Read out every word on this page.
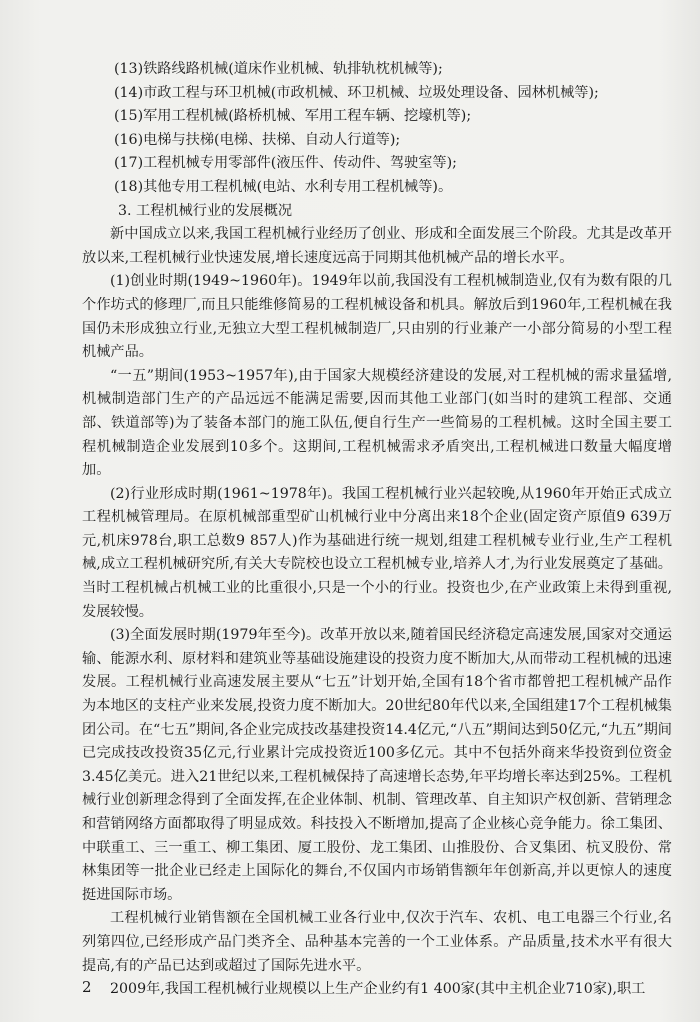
(13)铁路线路机械(道床作业机械、轨排轨枕机械等);
(14)市政工程与环卫机械(市政机械、环卫机械、垃圾处理设备、园林机械等);
(15)军用工程机械(路桥机械、军用工程车辆、挖壕机等);
(16)电梯与扶梯(电梯、扶梯、自动人行道等);
(17)工程机械专用零部件(液压件、传动件、驾驶室等);
(18)其他专用工程机械(电站、水利专用工程机械等)。
3. 工程机械行业的发展概况

新中国成立以来,我国工程机械行业经历了创业、形成和全面发展三个阶段。尤其是改革开放以来,工程机械行业快速发展,增长速度远高于同期其他机械产品的增长水平。

(1)创业时期(1949~1960年)。1949年以前,我国没有工程机械制造业,仅有为数有限的几个作坊式的修理厂,而且只能维修简易的工程机械设备和机具。解放后到1960年,工程机械在我国仍未形成独立行业,无独立大型工程机械制造厂,只由别的行业兼产一小部分简易的小型工程机械产品。

“一五”期间(1953~1957年),由于国家大规模经济建设的发展,对工程机械的需求量猛增,机械制造部门生产的产品远远不能满足需要,因而其他工业部门(如当时的建筑工程部、交通部、铁道部等)为了装备本部门的施工队伍,便自行生产一些简易的工程机械。这时全国主要工程机械制造企业发展到10多个。这期间,工程机械需求矛盾突出,工程机械进口数量大幅度增加。

(2)行业形成时期(1961~1978年)。我国工程机械行业兴起较晚,从1960年开始正式成立工程机械管理局。在原机械部重型矿山机械行业中分离出来18个企业(固定资产原值9 639万元,机床978台,职工总数9 857人)作为基础进行统一规划,组建工程机械专业行业,生产工程机械,成立工程机械研究所,有关大专院校也设立工程机械专业,培养人才,为行业发展奠定了基础。当时工程机械占机械工业的比重很小,只是一个小的行业。投资也少,在产业政策上未得到重视,发展较慢。

(3)全面发展时期(1979年至今)。改革开放以来,随着国民经济稳定高速发展,国家对交通运输、能源水利、原材料和建筑业等基础设施建设的投资力度不断加大,从而带动工程机械的迅速发展。工程机械行业高速发展主要从“七五”计划开始,全国有18个省市都曾把工程机械产品作为本地区的支柱产业来发展,投资力度不断加大。20世纪80年代以来,全国组建17个工程机械集团公司。在“七五”期间,各企业完成技改基建投资14.4亿元,“八五”期间达到50亿元,“九五”期间已完成技改投资35亿元,行业累计完成投资近100多亿元。其中不包括外商来华投资到位资金3.45亿美元。进入21世纪以来,工程机械保持了高速增长态势,年平均增长率达到25%。工程机械行业创新理念得到了全面发挥,在企业体制、机制、管理改革、自主知识产权创新、营销理念和营销网络方面都取得了明显成效。科技投入不断增加,提高了企业核心竞争能力。徐工集团、中联重工、三一重工、柳工集团、厦工股份、龙工集团、山推股份、合叉集团、杭叉股份、常林集团等一批企业已经走上国际化的舞台,不仅国内市场销售额年年创新高,并以更惊人的速度挺进国际市场。

工程机械行业销售额在全国机械工业各行业中,仅次于汽车、农机、电工电器三个行业,名列第四位,已经形成产品门类齐全、品种基本完善的一个工业体系。产品质量,技术水平有很大提高,有的产品已达到或超过了国际先进水平。

2009年,我国工程机械行业规模以上生产企业约有1 400家(其中主机企业710家),职工

2
